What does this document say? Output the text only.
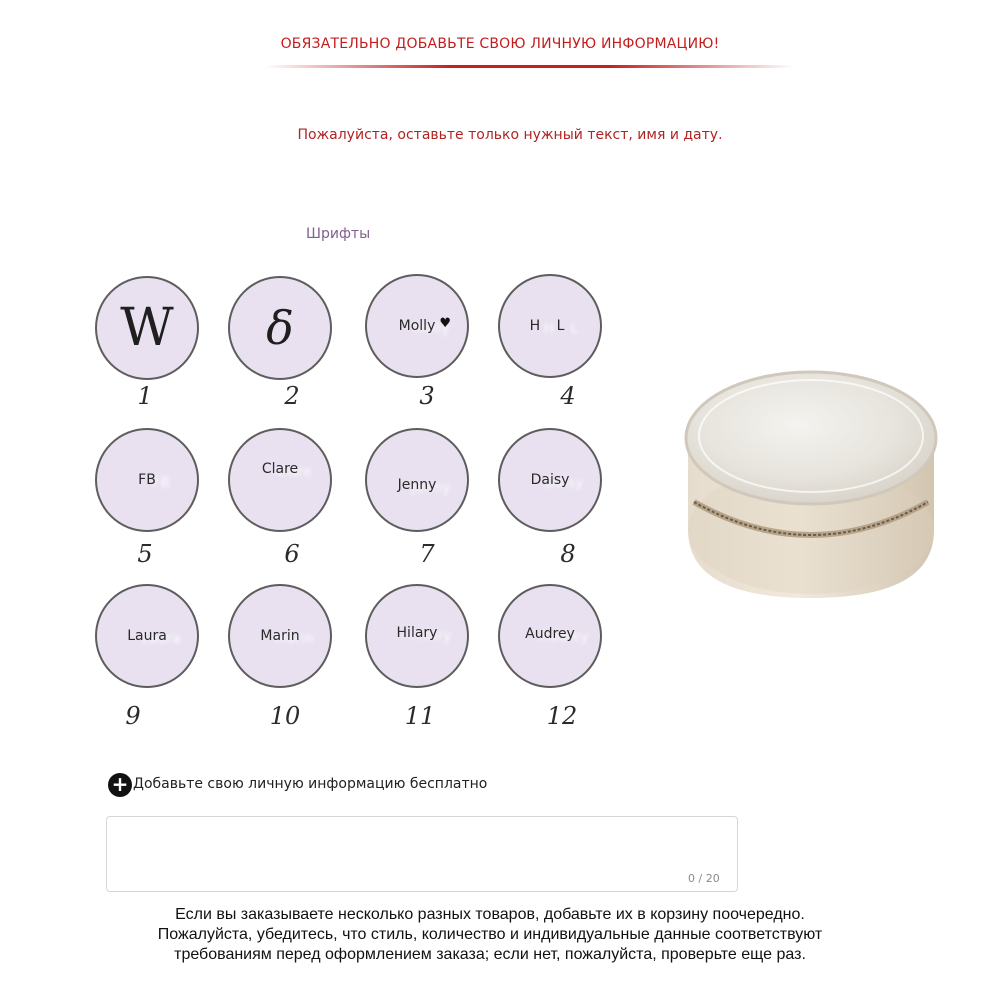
ОБЯЗАТЕЛЬНО ДОБАВЬТЕ СВОЮ ЛИЧНУЮ ИНФОРМАЦИЮ!
Пожалуйста, оставьте только нужный текст, имя и дату.
Шрифты
W δ	Molly ♥	H L
1	2	3	4
FB
Clare
Jenny	Daisy
5	6	7	8
Laura	Marin	Hilary	Audrey
9	10	11	12
+ Добавьте свою личную информацию бесплатно
0 / 20
Если вы заказываете несколько разных товаров, добавьте их в корзину поочередно.
Пожалуйста, убедитесь, что стиль, количество и индивидуальные данные соответствуют
требованиям перед оформлением заказа; если нет, пожалуйста, проверьте еще раз.
